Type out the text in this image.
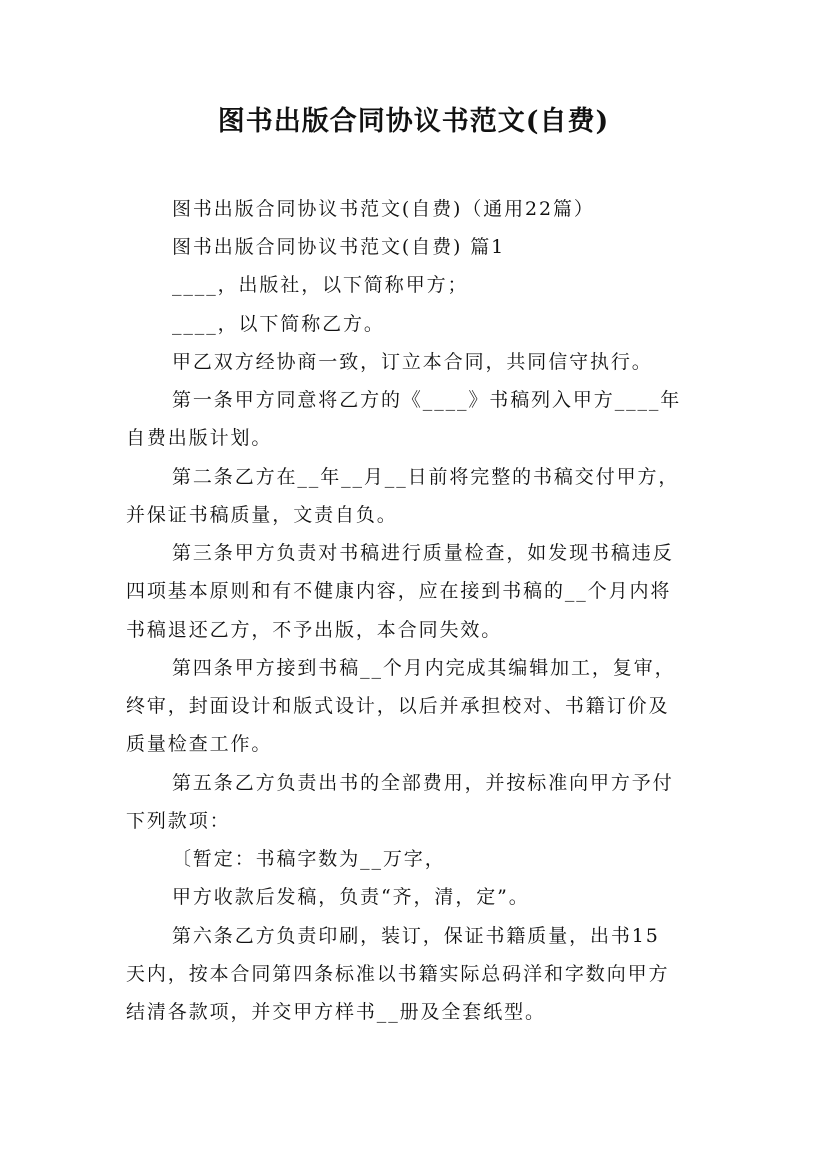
图书出版合同协议书范文(自费)
图书出版合同协议书范文(自费)（通用22篇）
图书出版合同协议书范文(自费) 篇1
____，出版社，以下简称甲方；
____，以下简称乙方。
甲乙双方经协商一致，订立本合同，共同信守执行。
第一条甲方同意将乙方的《____》书稿列入甲方____年
自费出版计划。
第二条乙方在__年__月__日前将完整的书稿交付甲方，
并保证书稿质量，文责自负。
第三条甲方负责对书稿进行质量检查，如发现书稿违反
四项基本原则和有不健康内容，应在接到书稿的__个月内将
书稿退还乙方，不予出版，本合同失效。
第四条甲方接到书稿__个月内完成其编辑加工，复审，
终审，封面设计和版式设计，以后并承担校对、书籍订价及
质量检查工作。
第五条乙方负责出书的全部费用，并按标准向甲方予付
下列款项：
〔暂定：书稿字数为__万字，
甲方收款后发稿，负责“齐，清，定”。
第六条乙方负责印刷，装订，保证书籍质量，出书15
天内，按本合同第四条标准以书籍实际总码洋和字数向甲方
结清各款项，并交甲方样书__册及全套纸型。
